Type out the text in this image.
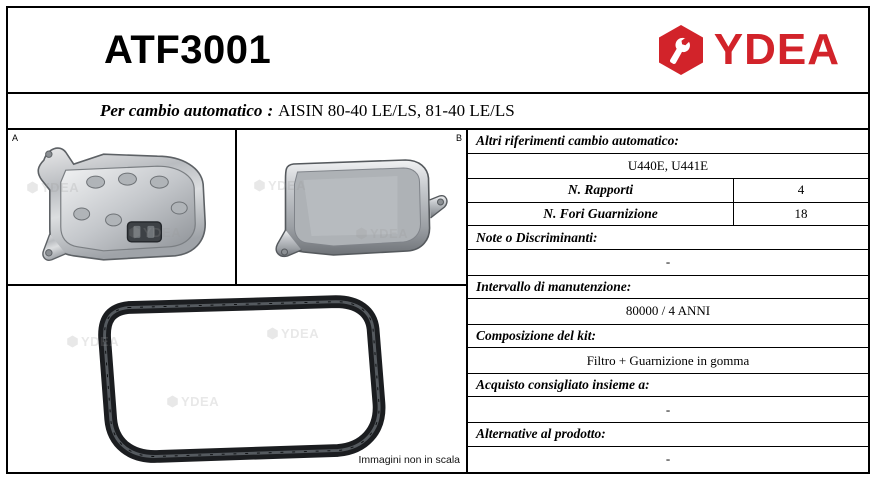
ATF3001	YDEA
Per cambio automatico : AISIN 80-40 LE/LS, 81-40 LE/LS
A
YDEA
YDEA
B
YDEA
YDEA
YDEA
YDEA
YDEA
Immagini non in scala
Altri riferimenti cambio automatico:
U440E, U441E
N. Rapporti	4
N. Fori Guarnizione	18
Note o Discriminanti:
-
Intervallo di manutenzione:
80000 / 4 ANNI
Composizione del kit:
Filtro + Guarnizione in gomma
Acquisto consigliato insieme a:
-
Alternative al prodotto:
-
